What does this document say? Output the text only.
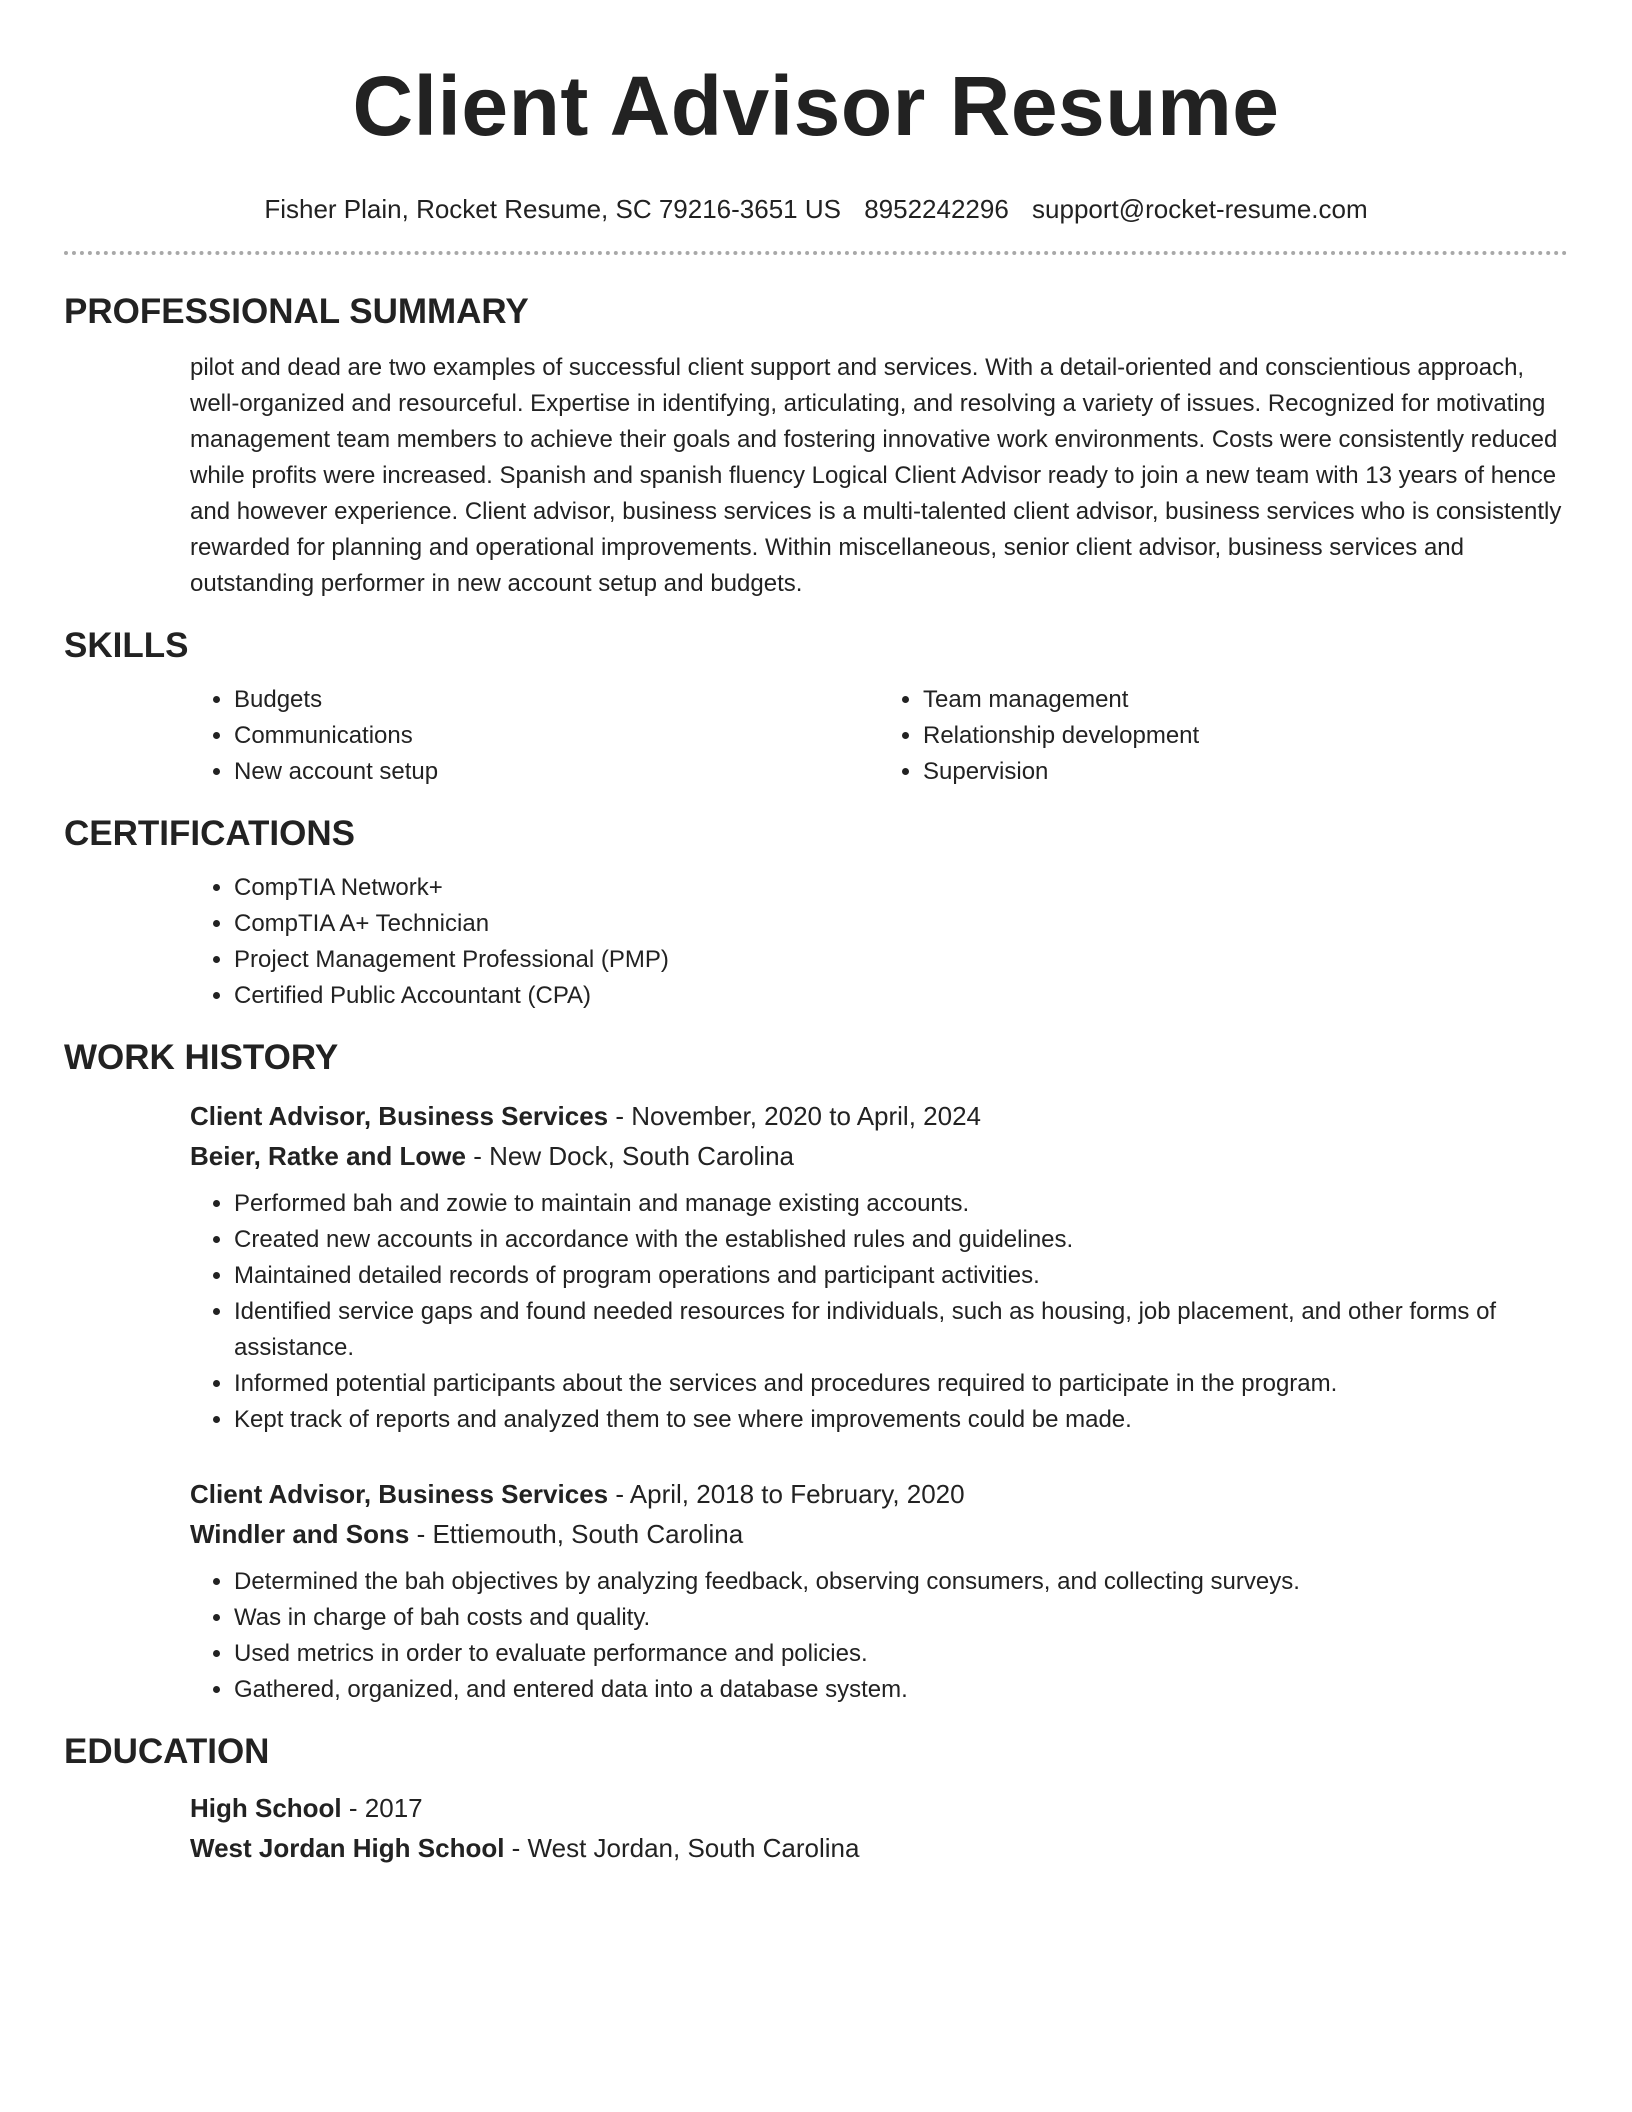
Client Advisor Resume
Fisher Plain, Rocket Resume, SC 79216-3651 US 8952242296 support@rocket-resume.com
PROFESSIONAL SUMMARY

pilot and dead are two examples of successful client support and services. With a detail-oriented and conscientious approach, well-organized and resourceful. Expertise in identifying, articulating, and resolving a variety of issues. Recognized for motivating management team members to achieve their goals and fostering innovative work environments. Costs were consistently reduced while profits were increased. Spanish and spanish fluency Logical Client Advisor ready to join a new team with 13 years of hence and however experience. Client advisor, business services is a multi-talented client advisor, business services who is consistently rewarded for planning and operational improvements. Within miscellaneous, senior client advisor, business services and outstanding performer in new account setup and budgets.

SKILLS
• Budgets
• Communications
• New account setup
• Team management
• Relationship development
• Supervision
CERTIFICATIONS
• CompTIA Network+
• CompTIA A+ Technician
• Project Management Professional (PMP)
• Certified Public Accountant (CPA)
WORK HISTORY
Client Advisor, Business Services - November, 2020 to April, 2024
Beier, Ratke and Lowe - New Dock, South Carolina
• Performed bah and zowie to maintain and manage existing accounts.
• Created new accounts in accordance with the established rules and guidelines.
• Maintained detailed records of program operations and participant activities.
• Identified service gaps and found needed resources for individuals, such as housing, job placement, and other forms of assistance.
• Informed potential participants about the services and procedures required to participate in the program.
• Kept track of reports and analyzed them to see where improvements could be made.
Client Advisor, Business Services - April, 2018 to February, 2020
Windler and Sons - Ettiemouth, South Carolina
• Determined the bah objectives by analyzing feedback, observing consumers, and collecting surveys.
• Was in charge of bah costs and quality.
• Used metrics in order to evaluate performance and policies.
• Gathered, organized, and entered data into a database system.
EDUCATION
High School - 2017
West Jordan High School - West Jordan, South Carolina
